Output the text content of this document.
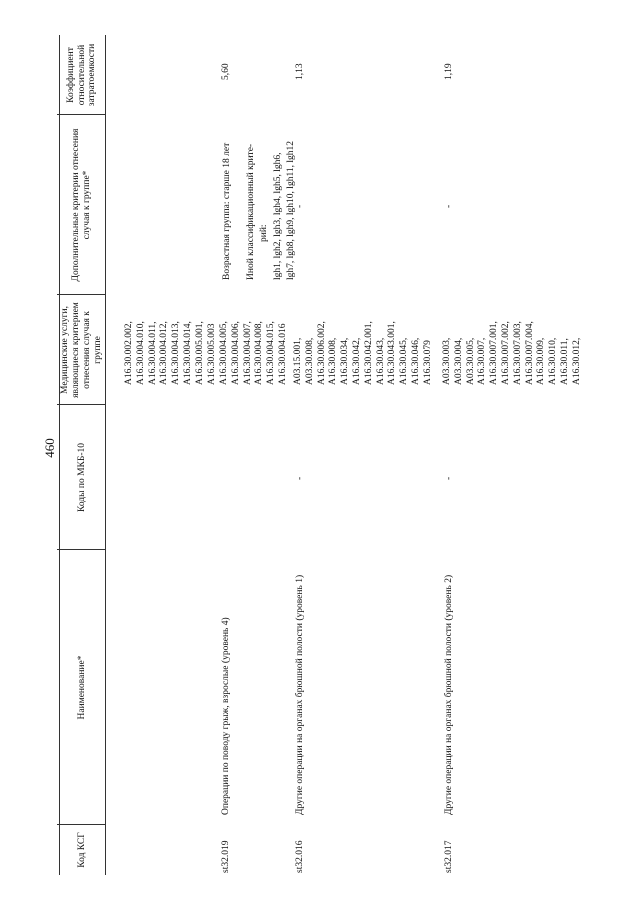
460
Код КСГ
Наименование*
Коды по МКБ-10
Медицинские услуги, являющиеся критерием отнесения случая к группе
Дополнительные критерии отнесения случая к группе*
Коэффициент относительной затратоемкости
A16.30.002.002, A16.30.004.010, A16.30.004.011, A16.30.004.012, A16.30.004.013, A16.30.004.014, A16.30.005.001, A16.30.005.003
st32.019
Операции по поводу грыж, взрослые (уровень 4)
A16.30.004.005, A16.30.004.006, A16.30.004.007, A16.30.004.008, A16.30.004.015, A16.30.004.016
Возрастная группа: старше 18 лет Иной классификационный крите- рий: lgh1, lgh2, lgh3, lgh4, lgh5, lgh6, lgh7, lgh8, lgh9, lgh10, lgh11, lgh12
5,60
st32.016
Другие операции на органах брюшной полости (уровень 1)
-
A03.15.001, A03.30.008, A16.30.006.002, A16.30.008, A16.30.034, A16.30.042, A16.30.042.001, A16.30.043, A16.30.043.001, A16.30.045, A16.30.046, A16.30.079
-
1,13
st32.017
Другие операции на органах брюшной полости (уровень 2)
-
A03.30.003, A03.30.004, A03.30.005, A16.30.007, A16.30.007.001, A16.30.007.002, A16.30.007.003, A16.30.007.004, A16.30.009, A16.30.010, A16.30.011, A16.30.012,
-
1,19
